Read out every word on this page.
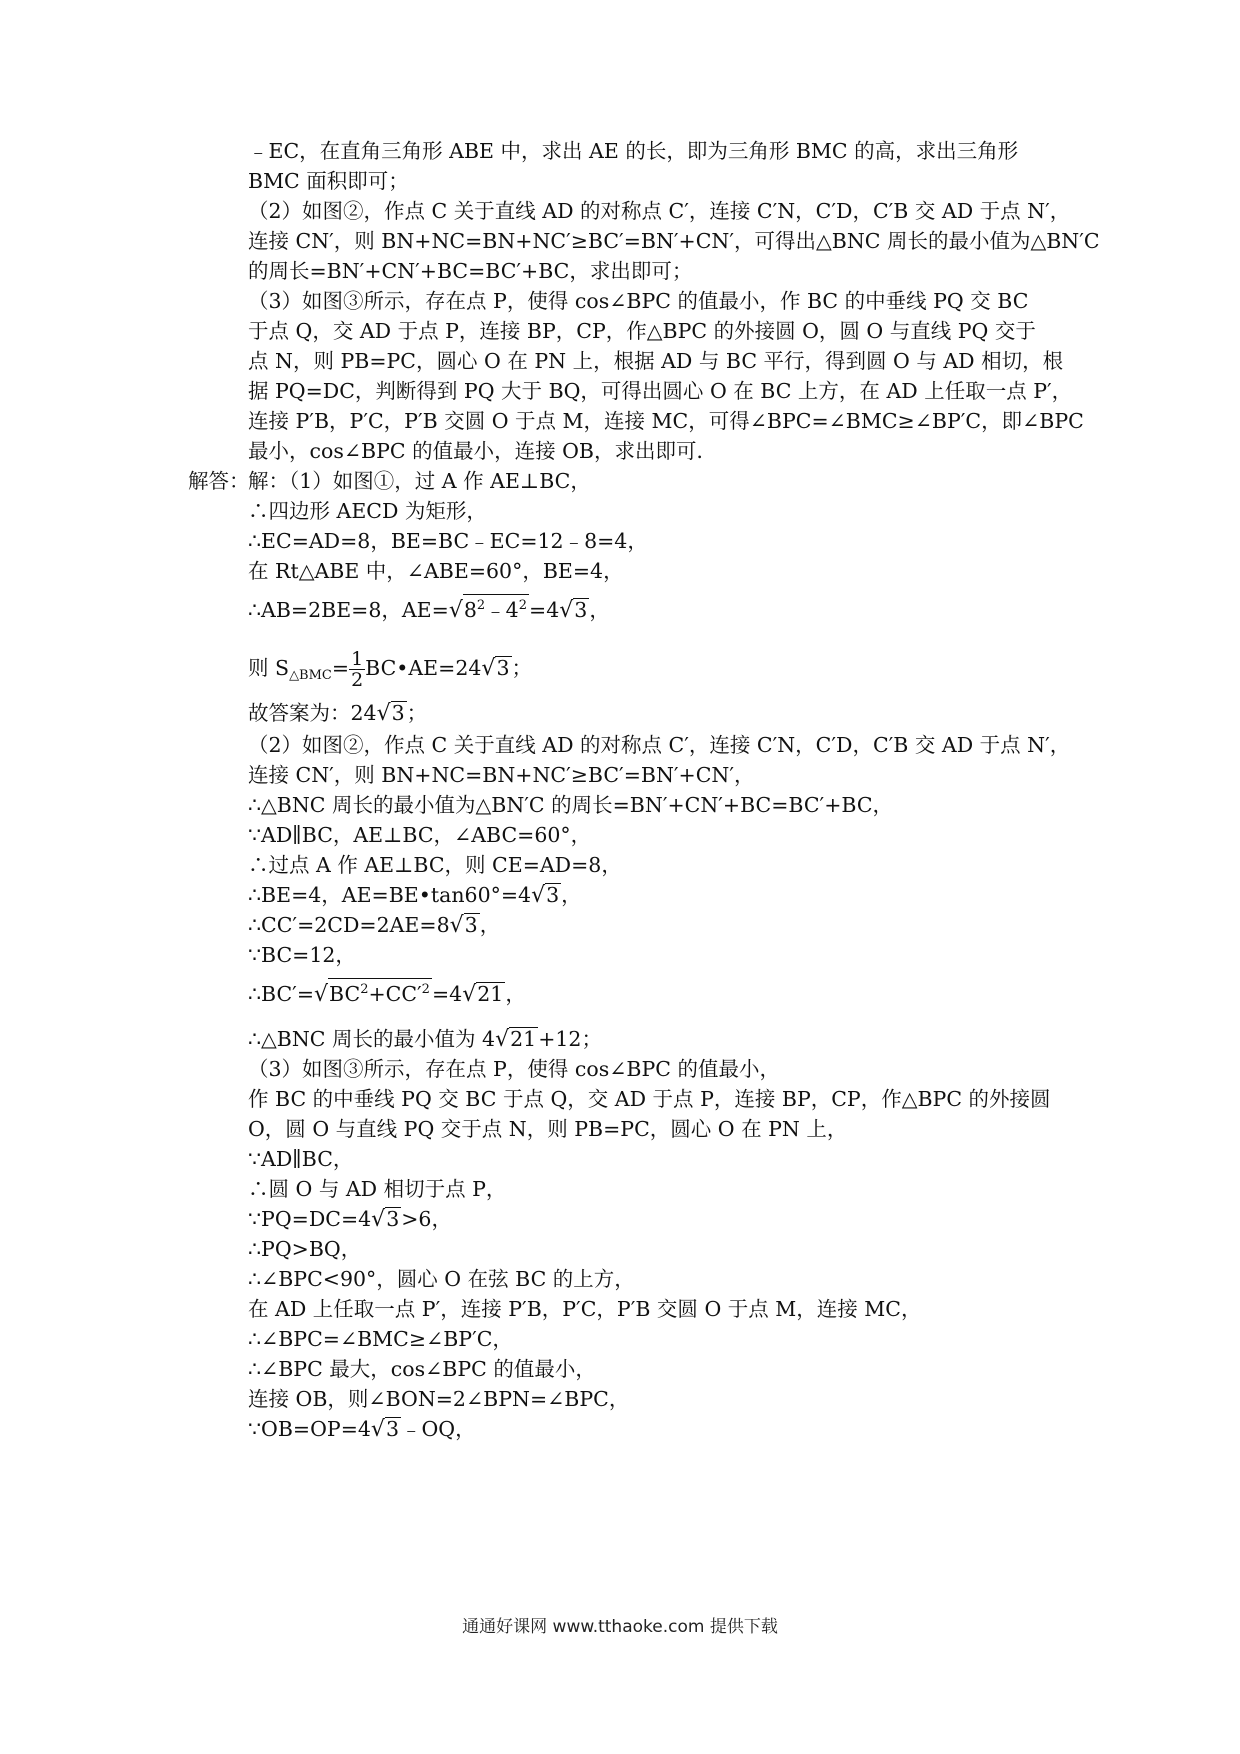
﹣EC，在直角三角形 ABE 中，求出 AE 的长，即为三角形 BMC 的高，求出三角形
BMC 面积即可；
（2）如图②，作点 C 关于直线 AD 的对称点 C′，连接 C′N，C′D，C′B 交 AD 于点 N′，
连接 CN′，则 BN+NC=BN+NC′≥BC′=BN′+CN′，可得出△BNC 周长的最小值为△BN′C
的周长=BN′+CN′+BC=BC′+BC，求出即可；
（3）如图③所示，存在点 P，使得 cos∠BPC 的值最小，作 BC 的中垂线 PQ 交 BC
于点 Q，交 AD 于点 P，连接 BP，CP，作△BPC 的外接圆 O，圆 O 与直线 PQ 交于
点 N，则 PB=PC，圆心 O 在 PN 上，根据 AD 与 BC 平行，得到圆 O 与 AD 相切，根
据 PQ=DC，判断得到 PQ 大于 BQ，可得出圆心 O 在 BC 上方，在 AD 上任取一点 P′，
连接 P′B，P′C，P′B 交圆 O 于点 M，连接 MC，可得∠BPC=∠BMC≥∠BP′C，即∠BPC
最小，cos∠BPC 的值最小，连接 OB，求出即可．
解答：
解：（1）如图①，过 A 作 AE⊥BC，
∴四边形 AECD 为矩形，
∴EC=AD=8，BE=BC﹣EC=12﹣8=4，
在 Rt△ABE 中，∠ABE=60°，BE=4，
∴AB=2BE=8，$AE=√8^2﹣4^2=4√3$，
则 $S_{\triangle BMC}= \frac{1}{2}$ BC•AE=24√3；
故答案为：24√3；
（2）如图②，作点 C 关于直线 AD 的对称点 C′，连接 C′N，C′D，C′B 交 AD 于点 N′，
连接 CN′，则 BN+NC=BN+NC′≥BC′=BN′+CN′，
∴△BNC 周长的最小值为△BN′C 的周长=BN′+CN′+BC=BC′+BC，
∵AD∥BC，AE⊥BC，∠ABC=60°，
∴过点 A 作 AE⊥BC，则 CE=AD=8，
∴BE=4，AE=BE•tan60°=4√3，
∴CC′=2CD=2AE=8√3，
∵BC=12，
$\therefore BC'=√BC^2+CC'^2=4√21$，
∴△BNC 周长的最小值为 4√21+12；
（3）如图③所示，存在点 P，使得 cos∠BPC 的值最小，
作 BC 的中垂线 PQ 交 BC 于点 Q，交 AD 于点 P，连接 BP，CP，作△BPC 的外接圆
O，圆 O 与直线 PQ 交于点 N，则 PB=PC，圆心 O 在 PN 上，
∵AD∥BC，
∴圆 O 与 AD 相切于点 P，
∵PQ=DC=4√3>6，
∴PQ>BQ，
∴∠BPC<90°，圆心 O 在弦 BC 的上方，
在 AD 上任取一点 P′，连接 P′B，P′C，P′B 交圆 O 于点 M，连接 MC，
∴∠BPC=∠BMC≥∠BP′C，
∴∠BPC 最大，cos∠BPC 的值最小，
连接 OB，则∠BON=2∠BPN=∠BPC，
∵OB=OP=4√3﹣OQ，
通通好课网 www.tthaoke.com 提供下载
